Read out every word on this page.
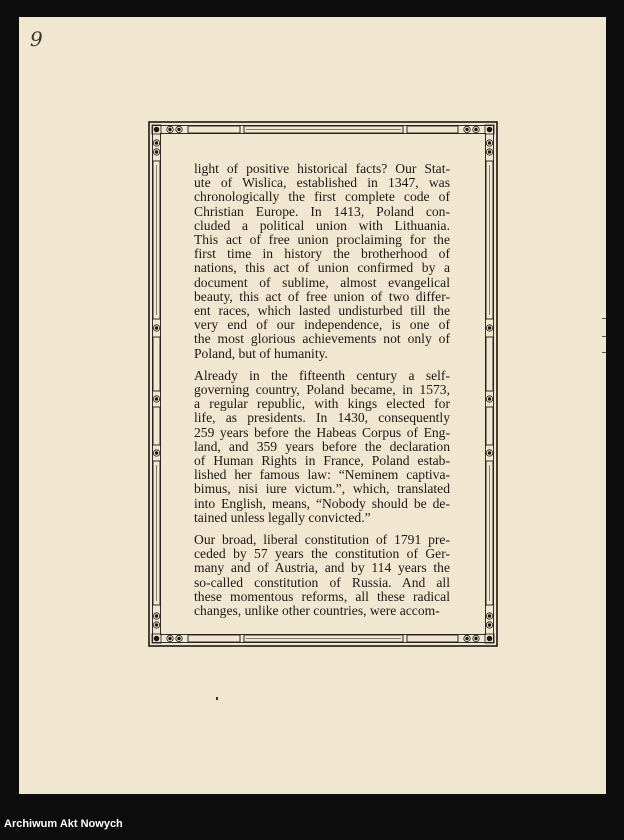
9

light of positive historical facts? Our Stat-
ute of Wislica, established in 1347, was
chronologically the first complete code of
Christian Europe. In 1413, Poland con-
cluded a political union with Lithuania.
This act of free union proclaiming for the
first time in history the brotherhood of
nations, this act of union confirmed by a
document of sublime, almost evangelical
beauty, this act of free union of two differ-
ent races, which lasted undisturbed till the
very end of our independence, is one of
the most glorious achievements not only of
Poland, but of humanity.

Already in the fifteenth century a self-
governing country, Poland became, in 1573,
a regular republic, with kings elected for
life, as presidents. In 1430, consequently
259 years before the Habeas Corpus of Eng-
land, and 359 years before the declaration
of Human Rights in France, Poland estab-
lished her famous law: “Neminem captiva-
bimus, nisi iure victum.”, which, translated
into English, means, “Nobody should be de-
tained unless legally convicted.”

Our broad, liberal constitution of 1791 pre-
ceded by 57 years the constitution of Ger-
many and of Austria, and by 114 years the
so-called constitution of Russia. And all
these momentous reforms, all these radical
changes, unlike other countries, were accom-

Archiwum Akt Nowych
